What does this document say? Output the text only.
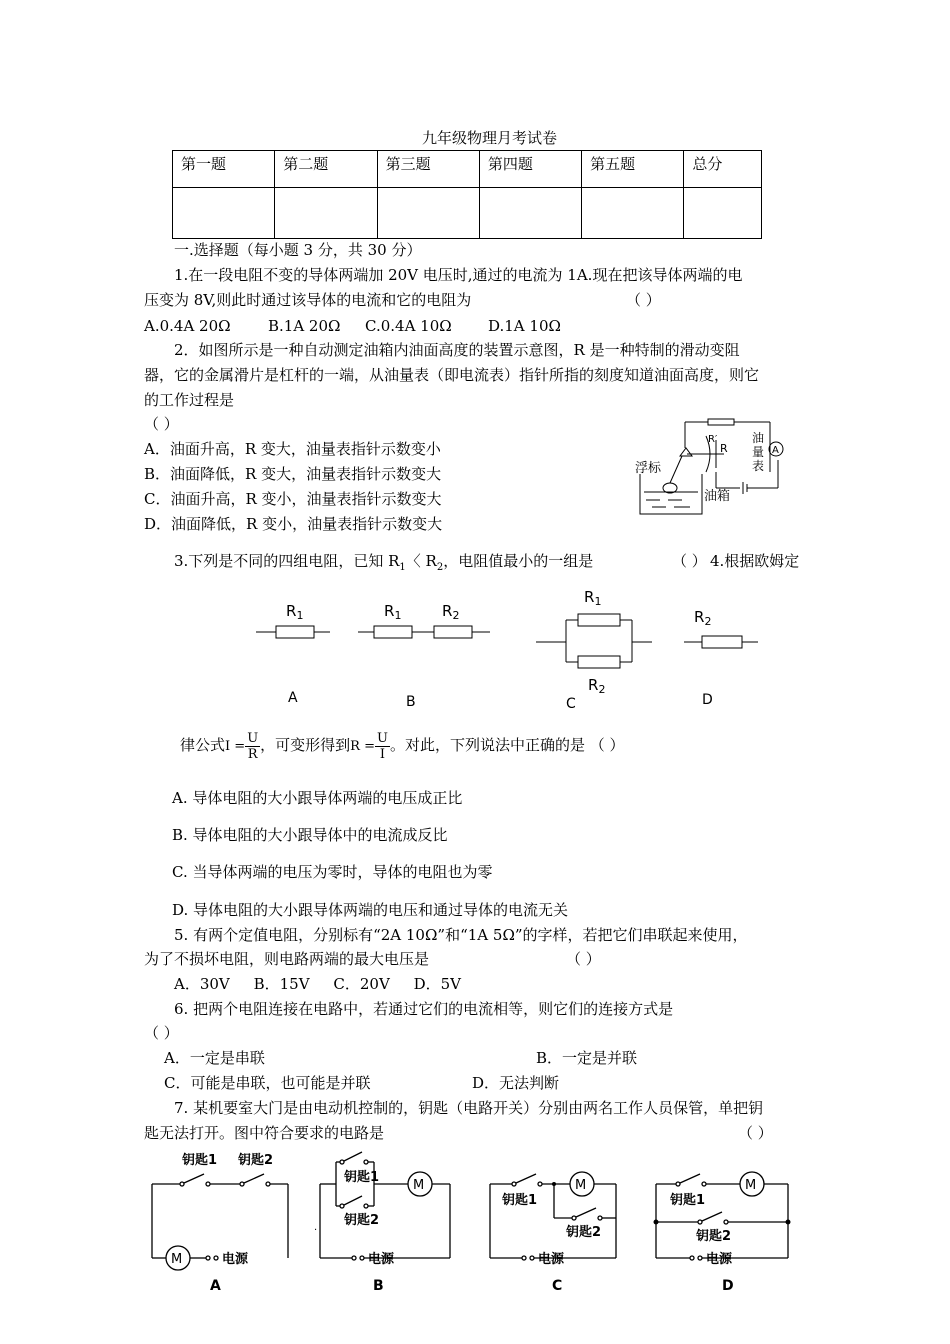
九年级物理月考试卷
第一题	第二题	第三题	第四题	第五题	总分

一.选择题（每小题 3 分，共 30 分）
1.在一段电阻不变的导体两端加 20V 电压时,通过的电流为 1A.现在把该导体两端的电
压变为 8V,则此时通过该导体的电流和它的电阻为	（ ）
A.0.4A 20Ω B.1A 20Ω C.0.4A 10Ω D.1A 10Ω
2．如图所示是一种自动测定油箱内油面高度的装置示意图，R 是一种特制的滑动变阻
器，它的金属滑片是杠杆的一端，从油量表（即电流表）指针所指的刻度知道油面高度，则它
的工作过程是
（ ）
A．油面升高，R 变大，油量表指针示数变小
B．油面降低，R 变大，油量表指针示数变大
C．油面升高，R 变小，油量表指针示数变大
D．油面降低，R 变小，油量表指针示数变大
R′
R
油
量
表
A
浮标
油箱
3.下列是不同的四组电阻，已知 $R_1$〈 $R_2$，电阻值最小的一组是	（ ） 4.根据欧姆定
$R_1$	$R_1$	$R_2$
$R_1$
$R_2$
$R_2$
A	B	C	D
律公式$I = \frac{U}{R}$ ，可变形得到$R = \frac{U}{I}$ 。对此，下列说法中正确的是 （ ）
A. 导体电阻的大小跟导体两端的电压成正比
B. 导体电阻的大小跟导体中的电流成反比
C. 当导体两端的电压为零时，导体的电阻也为零
D. 导体电阻的大小跟导体两端的电压和通过导体的电流无关
5. 有两个定值电阻，分别标有“2A 10Ω”和“1A 5Ω”的字样，若把它们串联起来使用，
为了不损坏电阻，则电路两端的最大电压是	（ ）
A．30V     B．15V     C．20V     D．5V
6. 把两个电阻连接在电路中，若通过它们的电流相等，则它们的连接方式是
（ ）
A．一定是串联	B．一定是并联
C．可能是串联，也可能是并联	D．无法判断
7. 某机要室大门是由电动机控制的，钥匙（电路开关）分别由两名工作人员保管，单把钥
匙无法打开。图中符合要求的电路是	（ ）
钥匙1 钥匙2
M	电源
A
钥匙1
钥匙2
M
电源
B
钥匙1
钥匙2
M
电源
C
.
钥匙1
钥匙2
M
电源
D
